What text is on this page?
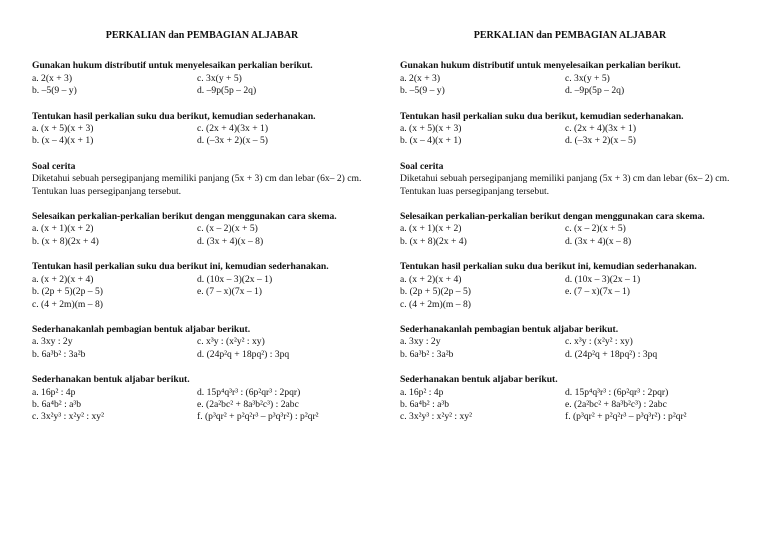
PERKALIAN dan PEMBAGIAN ALJABAR
Gunakan hukum distributif untuk menyelesaikan perkalian berikut.
a. 2(x + 3)	c. 3x(y + 5)
b. –5(9 – y)	d. –9p(5p – 2q)
Tentukan hasil perkalian suku dua berikut, kemudian sederhanakan.
a. (x + 5)(x + 3)	c. (2x + 4)(3x + 1)
b. (x – 4)(x + 1)	d. (–3x + 2)(x – 5)
Soal cerita
Diketahui sebuah persegipanjang memiliki panjang (5x + 3) cm dan lebar (6x– 2) cm. Tentukan luas persegipanjang tersebut.
Selesaikan perkalian-perkalian berikut dengan menggunakan cara skema.
a. (x + 1)(x + 2)	c. (x – 2)(x + 5)
b. (x + 8)(2x + 4)	d. (3x + 4)(x – 8)
Tentukan hasil perkalian suku dua berikut ini, kemudian sederhanakan.
a. (x + 2)(x + 4)	d. (10x – 3)(2x – 1)
b. (2p + 5)(2p – 5)	e. (7 – x)(7x – 1)
c. (4 + 2m)(m – 8)
Sederhanakanlah pembagian bentuk aljabar berikut.
a. 3xy : 2y	c. x³y : (x²y² : xy)
b. 6a³b² : 3a²b	d. (24p²q + 18pq²) : 3pq
Sederhanakan bentuk aljabar berikut.
a. 16p² : 4p	d. 15p⁴q³r³ : (6p²qr³ : 2pqr)
b. 6a⁴b² : a³b	e. (2a²bc² + 8a³b²c³) : 2abc
c. 3x²y³ : x²y² : xy²	f. (p³qr² + p²q²r³ – p³q³r²) : p²qr²
PERKALIAN dan PEMBAGIAN ALJABAR
Gunakan hukum distributif untuk menyelesaikan perkalian berikut.
a. 2(x + 3)	c. 3x(y + 5)
b. –5(9 – y)	d. –9p(5p – 2q)
Tentukan hasil perkalian suku dua berikut, kemudian sederhanakan.
a. (x + 5)(x + 3)	c. (2x + 4)(3x + 1)
b. (x – 4)(x + 1)	d. (–3x + 2)(x – 5)
Soal cerita
Diketahui sebuah persegipanjang memiliki panjang (5x + 3) cm dan lebar (6x– 2) cm. Tentukan luas persegipanjang tersebut.
Selesaikan perkalian-perkalian berikut dengan menggunakan cara skema.
a. (x + 1)(x + 2)	c. (x – 2)(x + 5)
b. (x + 8)(2x + 4)	d. (3x + 4)(x – 8)
Tentukan hasil perkalian suku dua berikut ini, kemudian sederhanakan.
a. (x + 2)(x + 4)	d. (10x – 3)(2x – 1)
b. (2p + 5)(2p – 5)	e. (7 – x)(7x – 1)
c. (4 + 2m)(m – 8)
Sederhanakanlah pembagian bentuk aljabar berikut.
a. 3xy : 2y	c. x³y : (x²y² : xy)
b. 6a³b² : 3a²b	d. (24p²q + 18pq²) : 3pq
Sederhanakan bentuk aljabar berikut.
a. 16p² : 4p	d. 15p⁴q³r³ : (6p²qr³ : 2pqr)
b. 6a⁴b² : a³b	e. (2a²bc² + 8a³b²c³) : 2abc
c. 3x²y³ : x²y² : xy²	f. (p³qr² + p²q²r³ – p³q³r²) : p²qr²
